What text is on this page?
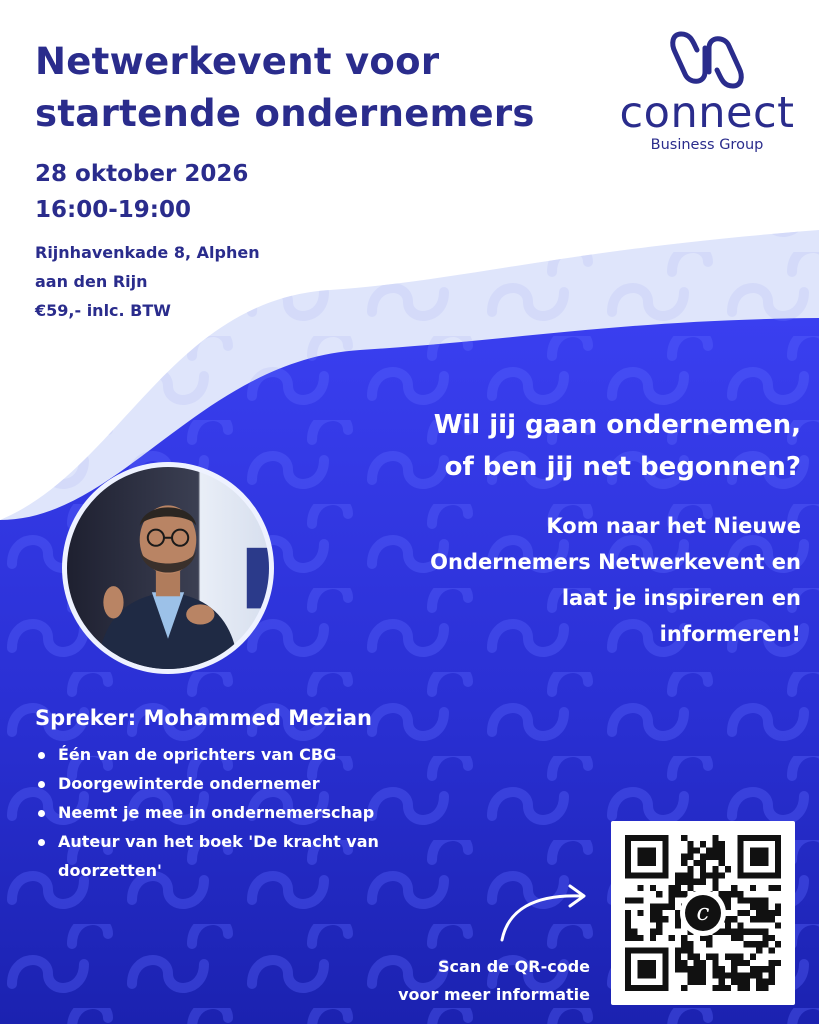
Netwerkevent voor
startende ondernemers
28 oktober 2026
16:00-19:00
Rijnhavenkade 8, Alphen
aan den Rijn
€59,- inlc. BTW
connect
Business Group
Wil jij gaan ondernemen,
of ben jij net begonnen?
Kom naar het Nieuwe
Ondernemers Netwerkevent en
laat je inspireren en
informeren!
Spreker: Mohammed Mezian
Één van de oprichters van CBG
Doorgewinterde ondernemer
Neemt je mee in ondernemerschap
Auteur van het boek 'De kracht van doorzetten'
Scan de QR-code
voor meer informatie
c
